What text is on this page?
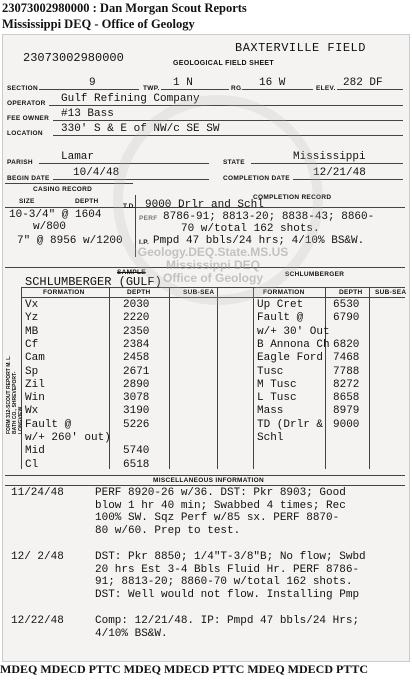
23073002980000 : Dan Morgan Scout Reports
Mississippi DEQ - Office of Geology
23073002980000
BAXTERVILLE FIELD
GEOLOGICAL FIELD SHEET
SECTION	9	TWP. 1 N	RG. 16 W	ELEV. 282 DF
OPERATOR Gulf Refining Company
FEE OWNER #13 Bass
LOCATION 330' S & E of NW/c SE SW
PARISH	Lamar	STATE	Mississippi
BEGIN DATE 10/4/48	COMPLETION DATE 12/21/48
CASING RECORD
SIZE	DEPTH
COMPLETION RECORD
10-3/4" @ 1604
w/800
7" @ 8956 w/1200
T.D. 9000 Drlr and Schl
PERF 8786-91; 8813-20; 8838-43; 8860-
70 w/total 162 shots.
I.P. Pmpd 47 bbls/24 hrs; 4/10% BS&W.
SAMPLE
SCHLUMBERGER (GULF)
SCHLUMBERGER
FORMATION	DEPTH	SUB-SEA	FORMATION	DEPTH SUB-SEA
Vx	2030
Yz	2220
MB	2350
Cf	2384
Cam	2458
Sp	2671
Zil	2890
Win	3078
Wx	3190
Fault @	5226
w/+ 260' out)
Mid	5740
Cl	6518
Up Cret	6530
Fault @	6790
w/+ 30' Out
B Annona Ch 6820
Eagle Ford 7468
Tusc	7788
M Tusc	8272
L Tusc	8658
Mass	8979
TD (Drlr & 9000
Schl
FORM 312-SCOUT REPORT M. L. BATH CO., SHREVEPORT-LONGVIEW
MISCELLANEOUS INFORMATION
11/24/48	PERF 8920-26 w/36. DST: Pkr 8903; Good
blow 1 hr 40 min; Swabbed 4 times; Rec
100% SW. Sqz Perf w/85 sx. PERF 8870-
80 w/60. Prep to test.
12/ 2/48	DST: Pkr 8850; 1/4"T-3/8"B; No flow; Swbd
20 hrs Est 3-4 Bbls Fluid Hr. PERF 8786-
91; 8813-20; 8860-70 w/total 162 shots.
DST: Well would not flow. Installing Pmp
12/22/48	Comp: 12/21/48. IP: Pmpd 47 bbls/24 Hrs;
4/10% BS&W.
Geology.DEQ.State.MS.US
Mississippi DEQ
Office of Geology
MDEQ MDECD PTTC MDEQ MDECD PTTC MDEQ MDECD PTTC
